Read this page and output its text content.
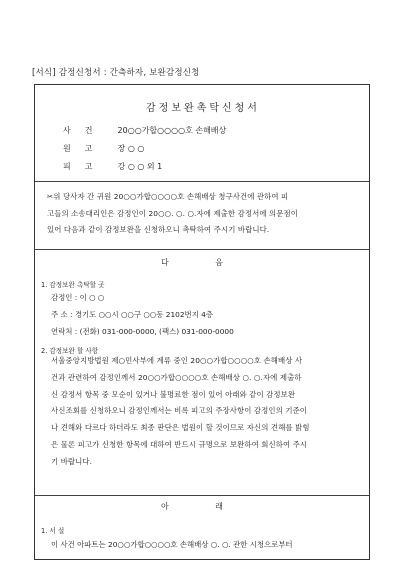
[서식] 감정신청서 : 간측하자, 보완감정신청
감정보완촉탁신청서
사건 20○○가합○○○○호 손해배상
원고 장 ○ ○
피고 강 ○ ○ 외 1
✂위 당사자 간 귀원 20○○가합○○○○호 손해배상 청구사건에 관하여 피
고들의 소송대리인은 감정인이 20○○. ○. ○.자에 제출한 감정서에 의문점이
있어 다음과 같이 감정보완을 신청하오니 촉탁하여 주시기 바랍니다.
다 음
1. 감정보완 촉탁할 곳
감정인 : 이 ○ ○
주 소 : 경기도 ○○시 ○○구 ○○동 2102번지 4층
연락처 : (전화) 031-000-0000, (팩스) 031-000-0000
2. 감정보완 할 사항
서울중앙지방법원 제○민사부에 계류 중인 20○○가합○○○○호 손해배상 사
건과 관련하여 감정인께서 20○○가합○○○○호 손해배상 ○. ○.자에 제출하
신 감정서 항목 중 모순이 있거나 불명료한 점이 있어 아래와 같이 감정보완
사신조회를 신청하오니 감정인께서는 비록 피고의 주장사항이 감정인의 기준이
나 견해와 다르다 하더라도 최종 판단은 법원이 할 것이므로 자신의 견해를 밝힘
은 물론 피고가 신청한 항목에 대하여 반드시 규명으로 보완하여 회신하여 주시
기 바랍니다.
아 래
1. 서 설
이 사건 아파트는 20○○가합○○○○호 손해배상 ○. ○. 관한 시청으로부터
